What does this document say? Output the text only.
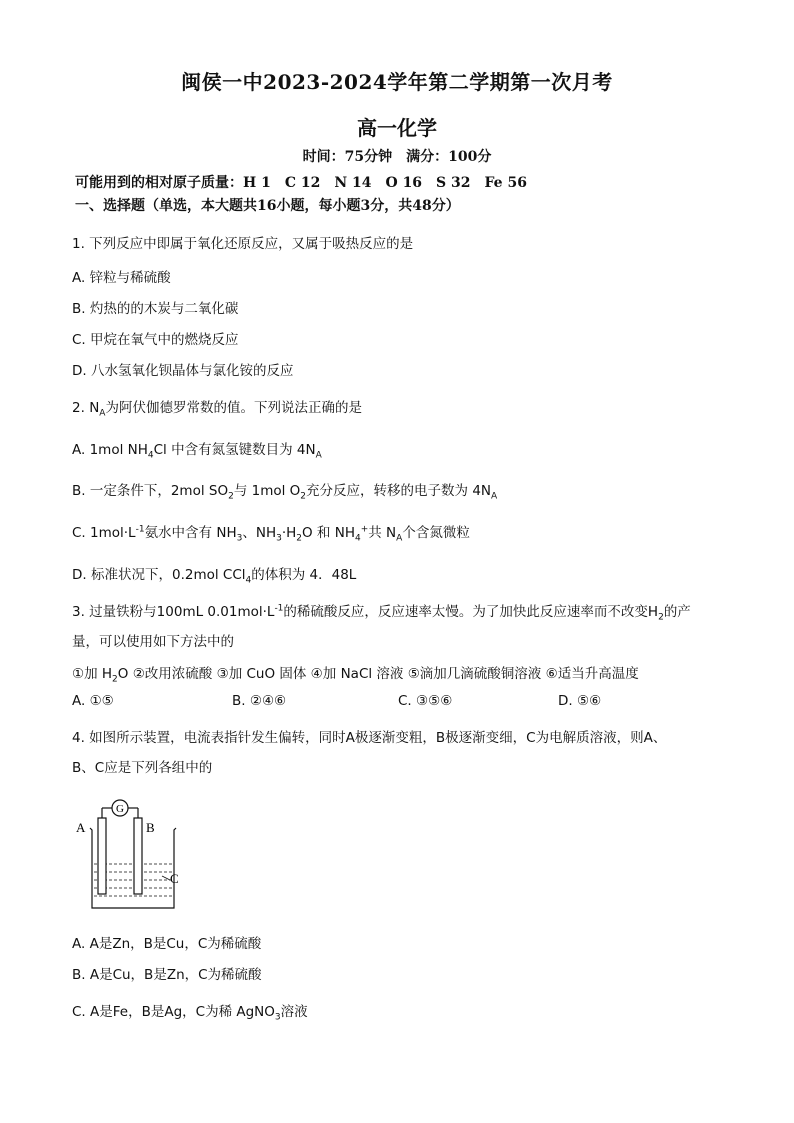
闽侯一中2023-2024学年第二学期第一次月考
高一化学
时间：75分钟　满分：100分
可能用到的相对原子质量：H 1　C 12　N 14　O 16　S 32　Fe 56
一、选择题（单选，本大题共16小题，每小题3分，共48分）
1. 下列反应中即属于氧化还原反应，又属于吸热反应的是
A. 锌粒与稀硫酸
B. 灼热的的木炭与二氧化碳
C. 甲烷在氧气中的燃烧反应
D. 八水氢氧化钡晶体与氯化铵的反应
2. $N_A$为阿伏伽德罗常数的值。下列说法正确的是
A. 1mol $NH_4Cl$ 中含有氮氢键数目为 $4N_A$
B. 一定条件下，2mol $SO_2$与 1mol $O_2$充分反应，转移的电子数为 $4N_A$
C. $1mol\cdot L^{-1}$氨水中含有 $NH_3$、$NH_3\cdot H_2O$ 和 $NH_4^+$共 $N_A$个含氮微粒
D. 标准状况下，0.2mol CCl$_4$的体积为 4．48L
3. 过量铁粉与100mL $0.01mol\cdot L^{-1}$的稀硫酸反应，反应速率太慢。为了加快此反应速率而不改变$H_2$的产
量，可以使用如下方法中的
①加 $H_2O$ ②改用浓硫酸 ③加 CuO 固体 ④加 NaCl 溶液 ⑤滴加几滴硫酸铜溶液 ⑥适当升高温度
A. ①⑤	B. ②④⑥	C. ③⑤⑥	D. ⑤⑥
4. 如图所示装置，电流表指针发生偏转，同时A极逐渐变粗，B极逐渐变细，C为电解质溶液，则A、
B、C应是下列各组中的
G
A	B
C
A. A是Zn，B是Cu，C为稀硫酸
B. A是Cu，B是Zn，C为稀硫酸
C. A是Fe，B是Ag，C为稀 AgNO$_3$溶液
